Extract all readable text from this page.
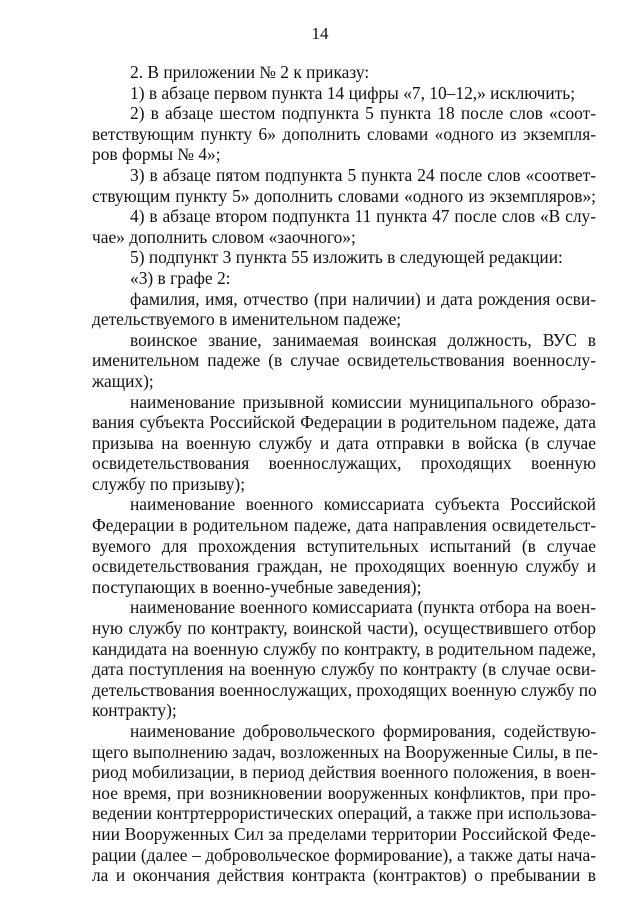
14
2. В приложении № 2 к приказу:
1) в абзаце первом пункта 14 цифры «7, 10–12,» исключить;
2) в абзаце шестом подпункта 5 пункта 18 после слов «соот-
ветствующим пункту 6» дополнить словами «одного из экземпля-
ров формы № 4»;
3) в абзаце пятом подпункта 5 пункта 24 после слов «соответ-
ствующим пункту 5» дополнить словами «одного из экземпляров»;
4) в абзаце втором подпункта 11 пункта 47 после слов «В слу-
чае» дополнить словом «заочного»;
5) подпункт 3 пункта 55 изложить в следующей редакции:
«3) в графе 2:
фамилия, имя, отчество (при наличии) и дата рождения осви-
детельствуемого в именительном падеже;
воинское звание, занимаемая воинская должность, ВУС в
именительном падеже (в случае освидетельствования военнослу-
жащих);
наименование призывной комиссии муниципального образо-
вания субъекта Российской Федерации в родительном падеже, дата
призыва на военную службу и дата отправки в войска (в случае
освидетельствования военнослужащих, проходящих военную
службу по призыву);
наименование военного комиссариата субъекта Российской
Федерации в родительном падеже, дата направления освидетельст-
вуемого для прохождения вступительных испытаний (в случае
освидетельствования граждан, не проходящих военную службу и
поступающих в военно-учебные заведения);
наименование военного комиссариата (пункта отбора на воен-
ную службу по контракту, воинской части), осуществившего отбор
кандидата на военную службу по контракту, в родительном падеже,
дата поступления на военную службу по контракту (в случае осви-
детельствования военнослужащих, проходящих военную службу по
контракту);
наименование добровольческого формирования, содействую-
щего выполнению задач, возложенных на Вооруженные Силы, в пе-
риод мобилизации, в период действия военного положения, в воен-
ное время, при возникновении вооруженных конфликтов, при про-
ведении контртеррористических операций, а также при использова-
нии Вооруженных Сил за пределами территории Российской Феде-
рации (далее – добровольческое формирование), а также даты нача-
ла и окончания действия контракта (контрактов) о пребывании в
